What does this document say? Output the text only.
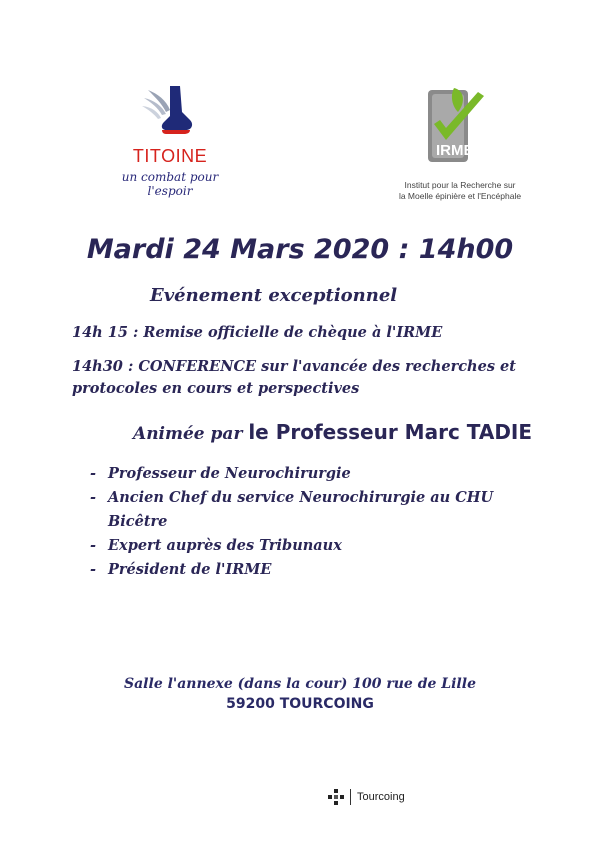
TITOINE
un combat pour l'espoir
IRME
Institut pour la Recherche sur
la Moelle épinière et l'Encéphale
Mardi 24 Mars 2020 : 14h00
Evénement exceptionnel
14h 15 : Remise officielle de chèque à l'IRME
14h30 : CONFERENCE sur l'avancée des recherches et protocoles en cours et perspectives
Animée par le Professeur Marc TADIE
- Professeur de Neurochirurgie
- Ancien Chef du service Neurochirurgie au CHU Bicêtre
- Expert auprès des Tribunaux
- Président de l'IRME
Salle l'annexe (dans la cour) 100 rue de Lille
59200 TOURCOING
Tourcoing
